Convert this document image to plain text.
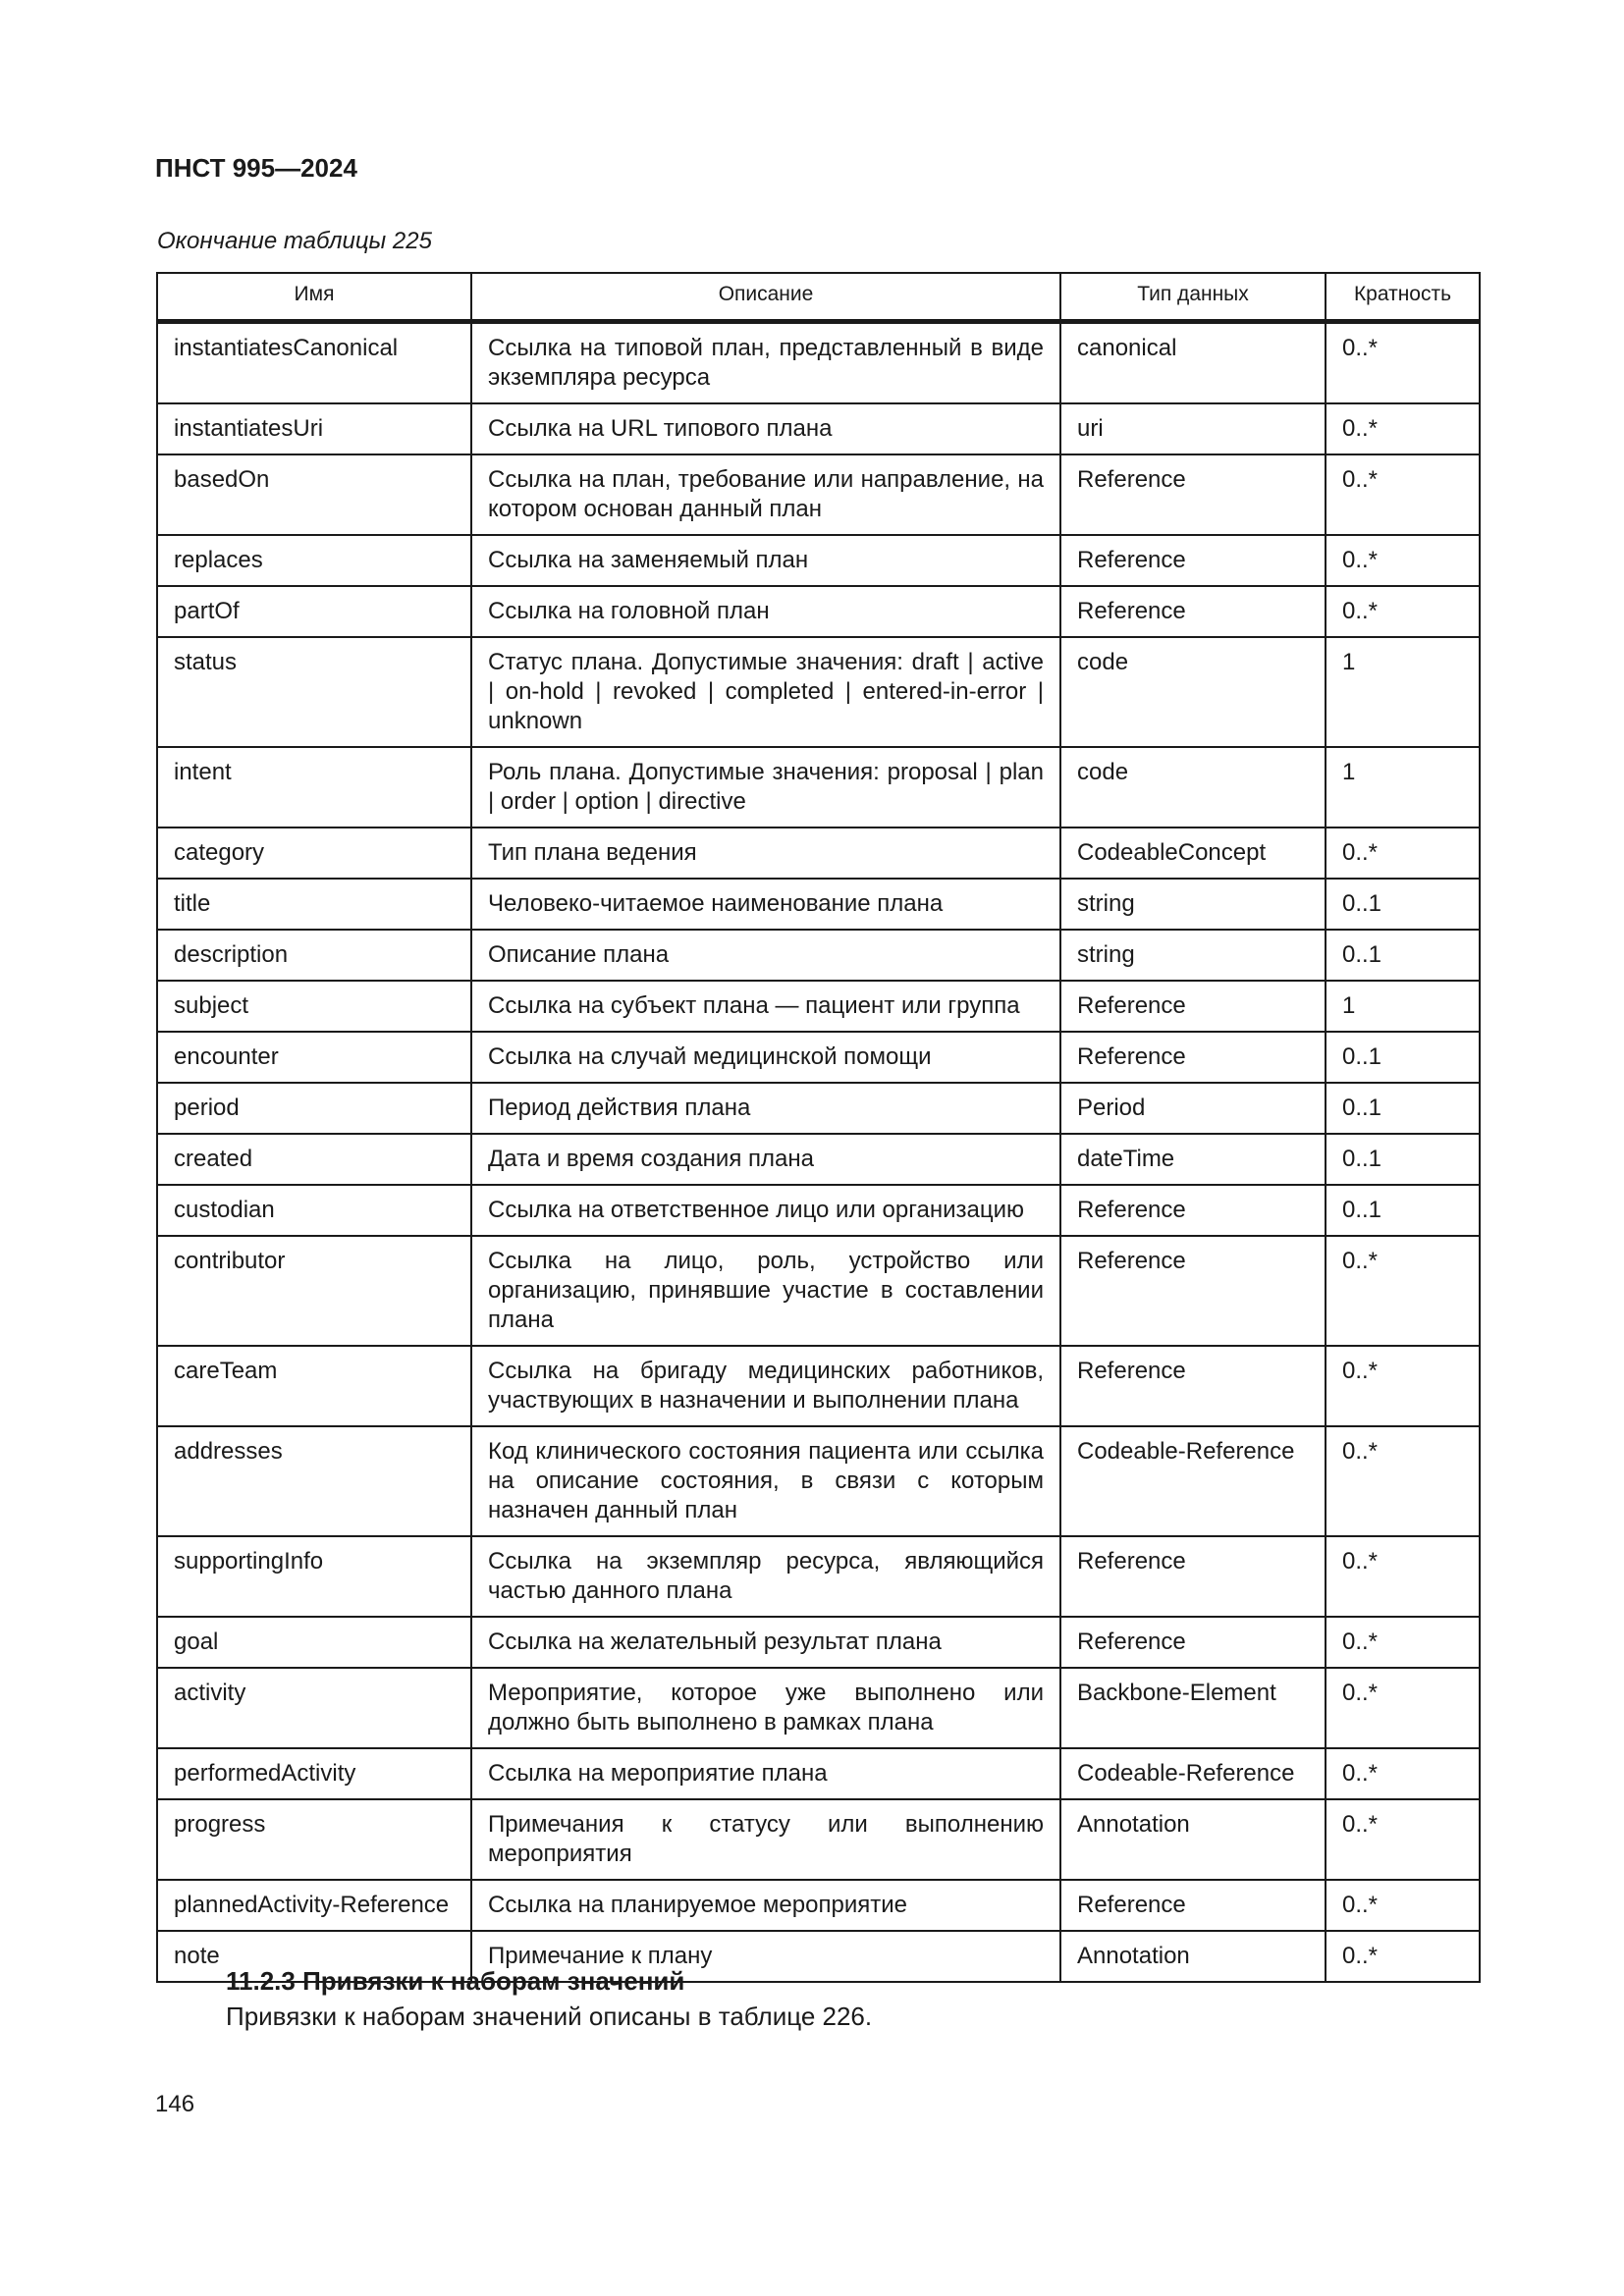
ПНСТ 995—2024
Окончание таблицы 225
Имя	Описание	Тип данных	Кратность
instantiatesCanonical	Ссылка на типовой план, представленный в виде экземпляра ресурса	canonical	0..*
instantiatesUri	Ссылка на URL типового плана	uri	0..*
basedOn	Ссылка на план, требование или направление, на котором основан данный план	Reference	0..*
replaces	Ссылка на заменяемый план	Reference	0..*
partOf	Ссылка на головной план	Reference	0..*
status	Статус плана. Допустимые значения: draft | active | on-hold | revoked | completed | entered-in-error | unknown	code	1
intent	Роль плана. Допустимые значения: proposal | plan | order | option | directive	code	1
category	Тип плана ведения	CodeableConcept	0..*
title	Человеко-читаемое наименование плана	string	0..1
description	Описание плана	string	0..1
subject	Ссылка на субъект плана — пациент или группа	Reference	1
encounter	Ссылка на случай медицинской помощи	Reference	0..1
period	Период действия плана	Period	0..1
created	Дата и время создания плана	dateTime	0..1
custodian	Ссылка на ответственное лицо или организацию	Reference	0..1
contributor	Ссылка на лицо, роль, устройство или организацию, принявшие участие в составлении плана	Reference	0..*
careTeam	Ссылка на бригаду медицинских работников, участвующих в назначении и выполнении плана	Reference	0..*
addresses	Код клинического состояния пациента или ссылка на описание состояния, в связи с которым назначен данный план	Codeable-Reference	0..*
supportingInfo	Ссылка на экземпляр ресурса, являющийся частью данного плана	Reference	0..*
goal	Ссылка на желательный результат плана	Reference	0..*
activity	Мероприятие, которое уже выполнено или должно быть выполнено в рамках плана	Backbone-Element	0..*
performedActivity	Ссылка на мероприятие плана	Codeable-Reference	0..*
progress	Примечания к статусу или выполнению мероприятия	Annotation	0..*
plannedActivity-Reference	Ссылка на планируемое мероприятие	Reference	0..*
note	Примечание к плану	Annotation	0..*
11.2.3 Привязки к наборам значений
Привязки к наборам значений описаны в таблице 226.
146
